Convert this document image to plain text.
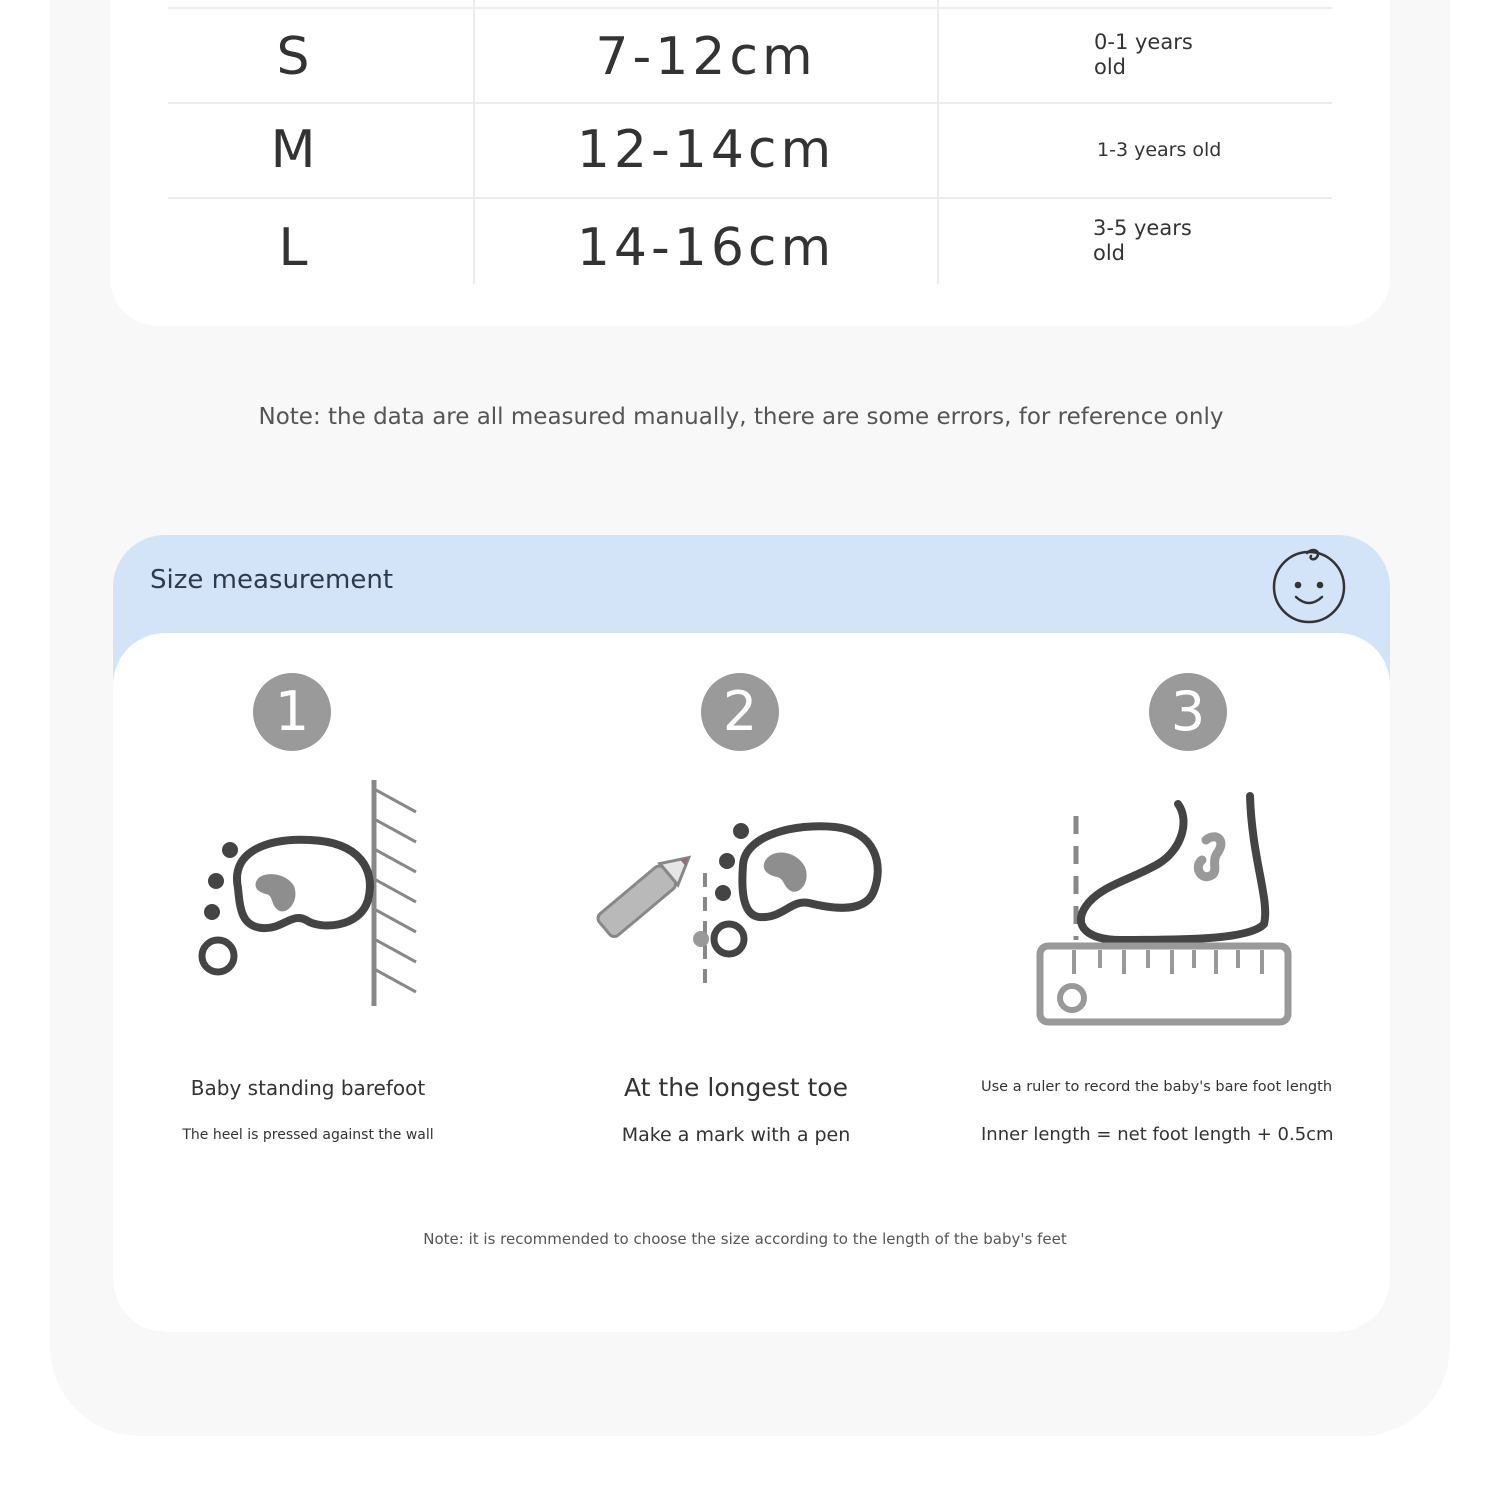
S	7-12cm	0-1 years
old
M	12-14cm	1-3 years old
L	14-16cm	3-5 years
old
Note: the data are all measured manually, there are some errors, for reference only
Size measurement
1	2	3
Baby standing barefoot
The heel is pressed against the wall
At the longest toe
Make a mark with a pen
Use a ruler to record the baby's bare foot length
Inner length = net foot length + 0.5cm
Note: it is recommended to choose the size according to the length of the baby's feet
